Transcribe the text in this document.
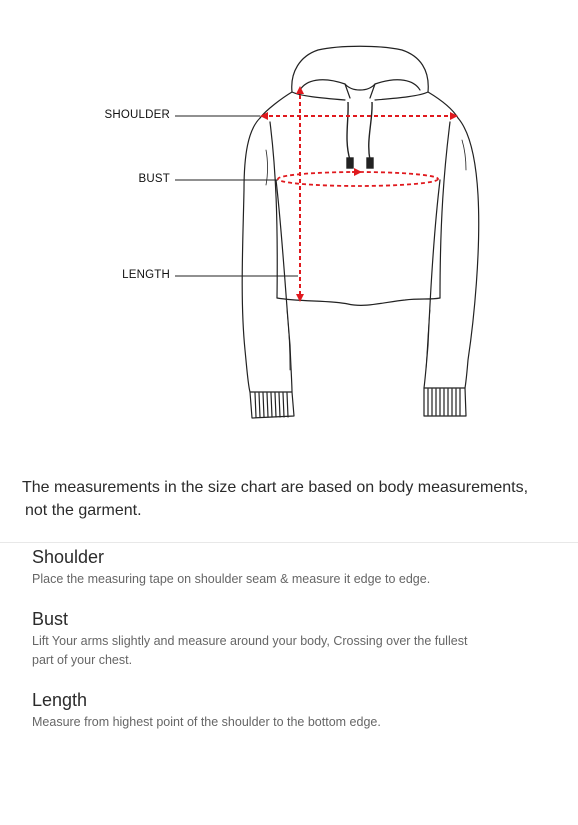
SHOULDER
BUST
LENGTH
The measurements in the size chart are based on body measurements,
not the garment.
Shoulder

Place the measuring tape on shoulder seam & measure it edge to edge.

Bust

Lift Your arms slightly and measure around your body, Crossing over the fullest
part of your chest.

Length

Measure from highest point of the shoulder to the bottom edge.
